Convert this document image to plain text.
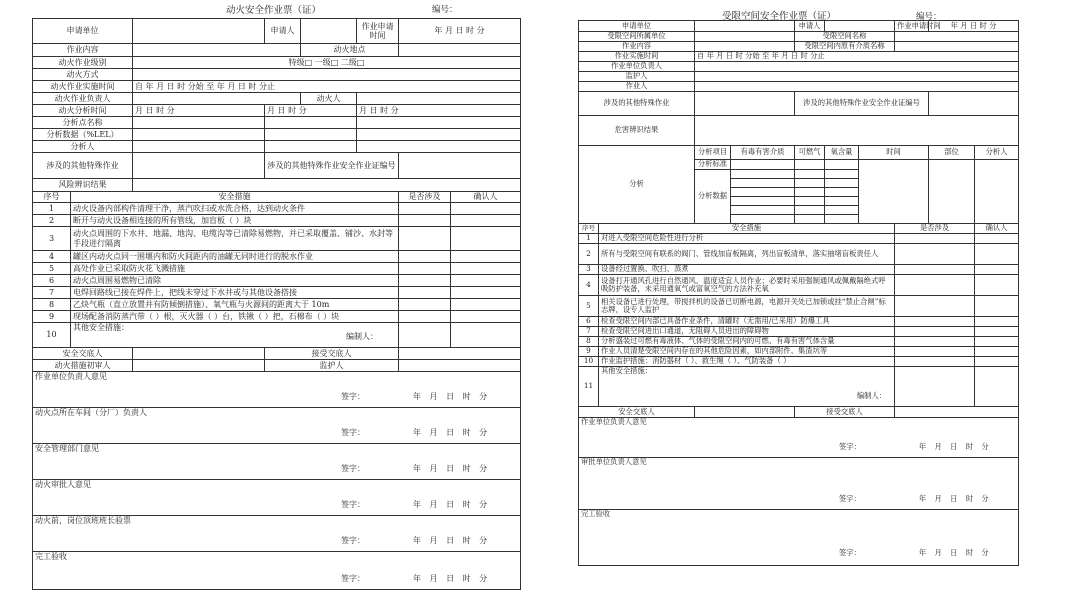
动火安全作业票（证）	编号：
申请单位			申请人		作业申请时间	年 月 日 时 分	
作业内容				动火地点			
动火作业级别		特级□ 一级□ 二级□					
动火方式							
动火作业实施时间		自 年 月 日 时 分始 至 年 月 日 时 分止					
动火作业负责人				动火人			
动火分析时间		月 日 时 分	月 日 时 分		月 日 时 分		
分析点名称							
分析数据（%LEL）							
分析人							
涉及的其他特殊作业			涉及的其他特殊作业安全作业证编号				
风险辨识结果							
序号	安全措施					是否涉及	确认人
1	动火设备内部构件清理干净，蒸汽吹扫或水洗合格，达到动火条件						
2	断开与动火设备相连接的所有管线，加盲板（ ）块						
3	动火点周围的下水井、地漏、地沟、电缆沟等已清除易燃物，并已采取覆盖、铺沙、水封等手段进行隔离						
4	罐区内动火点同一围堰内和防火间距内的油罐无同时进行的脱水作业						
5	高处作业已采取防火花飞溅措施						
6	动火点周围易燃物已清除						
7	电焊回路线已接在焊件上，把线未穿过下水井或与其他设备搭接						
8	乙炔气瓶（直立放置并有防倾倒措施）、氧气瓶与火源间的距离大于 10m						
9	现场配备消防蒸汽带（ ）根，灭火器（ ）台，铁锹（ ）把，石棉布（ ）块						
10	其他安全措施：
编制人：						

安全交底人			接受交底人				
动火措施初审人			监护人				

作业单位负责人意见
签字： 年 月 日 时 分							

动火点所在车间（分厂）负责人
签字： 年 月 日 时 分							

安全管理部门意见
签字： 年 月 日 时 分							

动火审批人意见
签字： 年 月 日 时 分							

动火前，岗位顶班班长验票
签字： 年 月 日 时 分							

完工验收
签字： 年 月 日 时 分							
受限空间安全作业票（证）	编号：
申请单位				申请人			作业申请时间	年 月 日 时 分	
受限空间所属单位				受限空间名称					
作业内容				受限空间内原有介质名称					
作业实施时间		自 年 月 日 时 分始 至 年 月 日 时 分止							
作业单位负责人									
监护人									
作业人									
涉及的其他特殊作业				涉及的其他特殊作业安全作业证编号					
危害辨识结果									
分析		分析项目	有毒有害介质	可燃气	氧含量	时间		部位	分析人
		分析标准							
		分析数据							

序号	安全措施						是否涉及		确认人
1	对进入受限空间危险性进行分析								
2	所有与受限空间有联系的阀门、管线加盲板隔离，列出盲板清单，落实抽堵盲板责任人								
3	设备经过置换、吹扫、蒸煮								
4	设备打开通风孔进行自然通风，温度适宜人员作业；必要时采用强制通风或佩戴隔绝式呼吸防护装备，未采用通氧气或富氧空气的方法补充氧								
5	相关设备已进行处理，带搅拌机的设备已切断电源，电源开关处已加锁或挂“禁止合闸”标志牌，设专人监护								
6	检查受限空间内部已具备作业条件，清罐时（无需用/已采用）防爆工具								
7	检查受限空间进出口通道，无阻碍人员进出的障碍物								
8	分析盛装过可燃有毒液体、气体的受限空间内的可燃、有毒有害气体含量								
9	作业人员清楚受限空间内存在的其他危险因素，如内部附件、集渣坑等								
10	作业监护措施：消防器材（ ）、救生绳（ ）、气防装备（ ）								
11	其他安全措施：
编制人：								

安全交底人				接受交底人					

作业单位负责人意见
签字： 年 月 日 时 分									

审批单位负责人意见
签字： 年 月 日 时 分									

完工验收
签字： 年 月 日 时 分									
